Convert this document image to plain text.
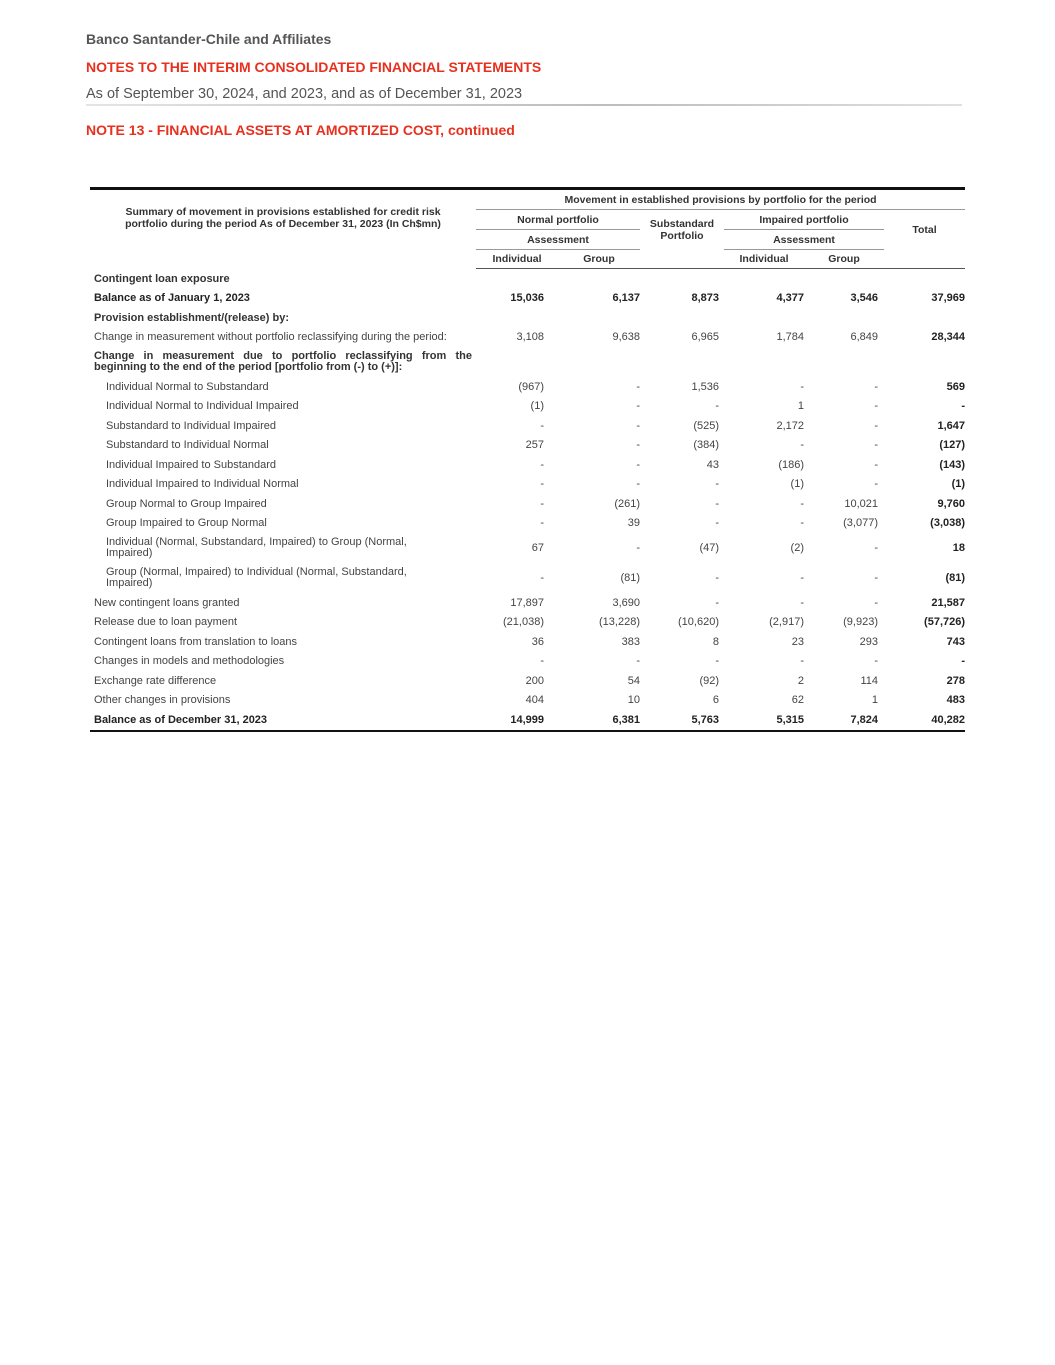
Banco Santander-Chile and Affiliates
NOTES TO THE INTERIM CONSOLIDATED FINANCIAL STATEMENTS
As of September 30, 2024, and 2023, and as of December 31, 2023
NOTE 13 - FINANCIAL ASSETS AT AMORTIZED COST, continued
Summary of movement in provisions established for credit risk portfolio during the period As of December 31, 2023 (In Ch$mn)	Movement in established provisions by portfolio for the period					
	Normal portfolio		Substandard Portfolio	Impaired portfolio		Total
	Assessment			Assessment		
	Individual	Group		Individual	Group	
Contingent loan exposure						
Balance as of January 1, 2023	15,036	6,137	8,873	4,377	3,546	37,969
Provision establishment/(release) by:						
Change in measurement without portfolio reclassifying during the period:	3,108	9,638	6,965	1,784	6,849	28,344

Change in measurement due to portfolio reclassifying from the beginning to the end of the period [portfolio from (-) to (+)]:						

Individual Normal to Substandard	(967)	-	1,536	-	-	569
Individual Normal to Individual Impaired	(1)	-	-	1	-	-
Substandard to Individual Impaired	-	-	(525)	2,172	-	1,647
Substandard to Individual Normal	257	-	(384)	-	-	(127)
Individual Impaired to Substandard	-	-	43	(186)	-	(143)
Individual Impaired to Individual Normal	-	-	-	(1)	-	(1)
Group Normal to Group Impaired	-	(261)	-	-	10,021	9,760
Group Impaired to Group Normal	-	39	-	-	(3,077)	(3,038)

Individual (Normal, Substandard, Impaired) to Group (Normal, Impaired)	67	-	(47)	(2)	-	18

Group (Normal, Impaired) to Individual (Normal, Substandard, Impaired)	-	(81)	-	-	-	(81)
New contingent loans granted	17,897	3,690	-	-	-	21,587
Release due to loan payment	(21,038)	(13,228)	(10,620)	(2,917)	(9,923)	(57,726)
Contingent loans from translation to loans	36	383	8	23	293	743
Changes in models and methodologies	-	-	-	-	-	-
Exchange rate difference	200	54	(92)	2	114	278
Other changes in provisions	404	10	6	62	1	483
Balance as of December 31, 2023	14,999	6,381	5,763	5,315	7,824	40,282
